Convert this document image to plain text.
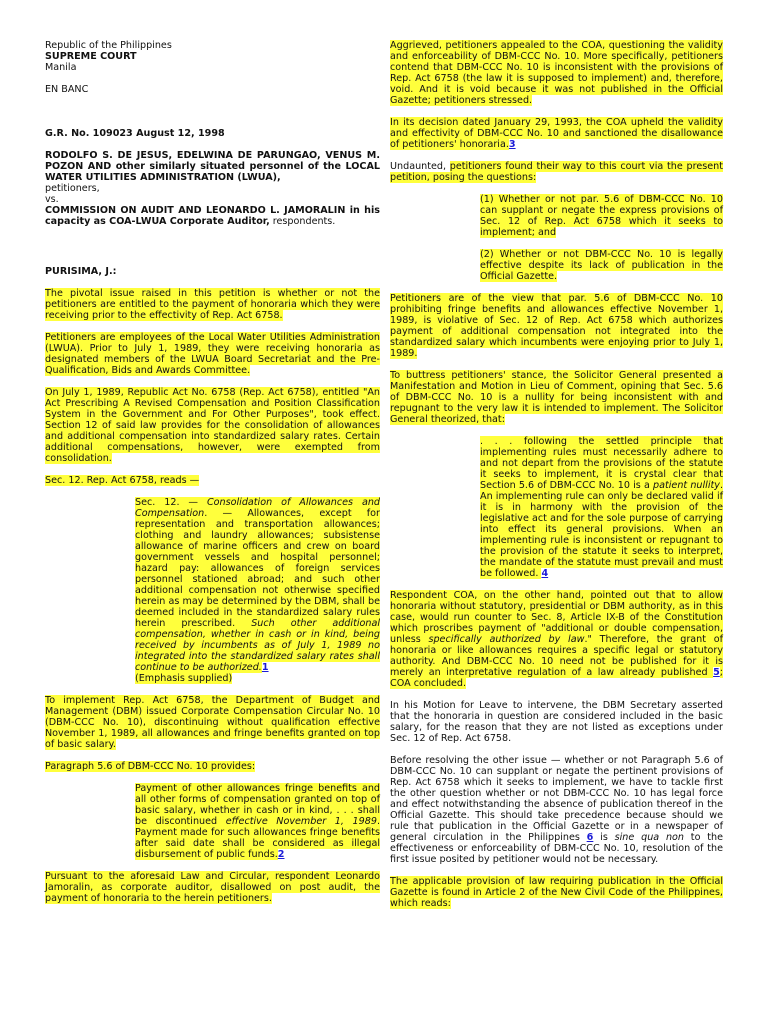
Republic of the Philippines

SUPREME COURT

Manila

EN BANC

G.R. No. 109023 August 12, 1998

RODOLFO S. DE JESUS, EDELWINA DE PARUNGAO, VENUS M. POZON AND other similarly situated personnel of the LOCAL WATER UTILITIES ADMINISTRATION (LWUA),

petitioners,

vs.

COMMISSION ON AUDIT AND LEONARDO L. JAMORALIN in his capacity as COA-LWUA Corporate Auditor, respondents.

PURISIMA, J.:

The pivotal issue raised in this petition is whether or not the petitioners are entitled to the payment of honoraria which they were receiving prior to the effectivity of Rep. Act 6758.

Petitioners are employees of the Local Water Utilities Administration (LWUA). Prior to July 1, 1989, they were receiving honoraria as designated members of the LWUA Board Secretariat and the Pre-Qualification, Bids and Awards Committee.

On July 1, 1989, Republic Act No. 6758 (Rep. Act 6758), entitled "An Act Prescribing A Revised Compensation and Position Classification System in the Government and For Other Purposes", took effect. Section 12 of said law provides for the consolidation of allowances and additional compensation into standardized salary rates. Certain additional compensations, however, were exempted from consolidation.

Sec. 12. Rep. Act 6758, reads —

Sec. 12. — Consolidation of Allowances and Compensation. — Allowances, except for representation and transportation allowances; clothing and laundry allowances; subsistense allowance of marine officers and crew on board government vessels and hospital personnel; hazard pay: allowances of foreign services personnel stationed abroad; and such other additional compensation not otherwise specified herein as may be determined by the DBM, shall be deemed included in the standardized salary rules herein prescribed. Such other additional compensation, whether in cash or in kind, being received by incumbents as of July 1, 1989 no integrated into the standardized salary rates shall continue to be authorized.1
(Emphasis supplied)

To implement Rep. Act 6758, the Department of Budget and Management (DBM) issued Corporate Compensation Circular No. 10 (DBM-CCC No. 10), discontinuing without qualification effective November 1, 1989, all allowances and fringe benefits granted on top of basic salary.

Paragraph 5.6 of DBM-CCC No. 10 provides:

Payment of other allowances fringe benefits and all other forms of compensation granted on top of basic salary, whether in cash or in kind, . . . shall be discontinued effective November 1, 1989. Payment made for such allowances fringe benefits after said date shall be considered as illegal disbursement of public funds.2

Pursuant to the aforesaid Law and Circular, respondent Leonardo Jamoralin, as corporate auditor, disallowed on post audit, the payment of honoraria to the herein petitioners.

Aggrieved, petitioners appealed to the COA, questioning the validity and enforceability of DBM-CCC No. 10. More specifically, petitioners contend that DBM-CCC No. 10 is inconsistent with the provisions of Rep. Act 6758 (the law it is supposed to implement) and, therefore, void. And it is void because it was not published in the Official Gazette; petitioners stressed.

In its decision dated January 29, 1993, the COA upheld the validity and effectivity of DBM-CCC No. 10 and sanctioned the disallowance of petitioners' honoraria.3

Undaunted, petitioners found their way to this court via the present petition, posing the questions:

(1) Whether or not par. 5.6 of DBM-CCC No. 10 can supplant or negate the express provisions of Sec. 12 of Rep. Act 6758 which it seeks to implement; and

(2) Whether or not DBM-CCC No. 10 is legally effective despite its lack of publication in the Official Gazette.

Petitioners are of the view that par. 5.6 of DBM-CCC No. 10 prohibiting fringe benefits and allowances effective November 1, 1989, is violative of Sec. 12 of Rep. Act 6758 which authorizes payment of additional compensation not integrated into the standardized salary which incumbents were enjoying prior to July 1, 1989.

To buttress petitioners' stance, the Solicitor General presented a Manifestation and Motion in Lieu of Comment, opining that Sec. 5.6 of DBM-CCC No. 10 is a nullity for being inconsistent with and repugnant to the very law it is intended to implement. The Solicitor General theorized, that:

. . . following the settled principle that implementing rules must necessarily adhere to and not depart from the provisions of the statute it seeks to implement, it is crystal clear that Section 5.6 of DBM-CCC No. 10 is a patient nullity. An implementing rule can only be declared valid if it is in harmony with the provision of the legislative act and for the sole purpose of carrying into effect its general provisions. When an implementing rule is inconsistent or repugnant to the provision of the statute it seeks to interpret, the mandate of the statute must prevail and must be followed. 4

Respondent COA, on the other hand, pointed out that to allow honoraria without statutory, presidential or DBM authority, as in this case, would run counter to Sec. 8, Article IX-B of the Constitution which proscribes payment of "additional or double compensation, unless specifically authorized by law." Therefore, the grant of honoraria or like allowances requires a specific legal or statutory authority. And DBM-CCC No. 10 need not be published for it is merely an interpretative regulation of a law already published 5; COA concluded.

In his Motion for Leave to intervene, the DBM Secretary asserted that the honoraria in question are considered included in the basic salary, for the reason that they are not listed as exceptions under Sec. 12 of Rep. Act 6758.

Before resolving the other issue — whether or not Paragraph 5.6 of DBM-CCC No. 10 can supplant or negate the pertinent provisions of Rep. Act 6758 which it seeks to implement, we have to tackle first the other question whether or not DBM-CCC No. 10 has legal force and effect notwithstanding the absence of publication thereof in the Official Gazette. This should take precedence because should we rule that publication in the Official Gazette or in a newspaper of general circulation in the Philippines 6 is sine qua non to the effectiveness or enforceability of DBM-CCC No. 10, resolution of the first issue posited by petitioner would not be necessary.

The applicable provision of law requiring publication in the Official Gazette is found in Article 2 of the New Civil Code of the Philippines, which reads:
